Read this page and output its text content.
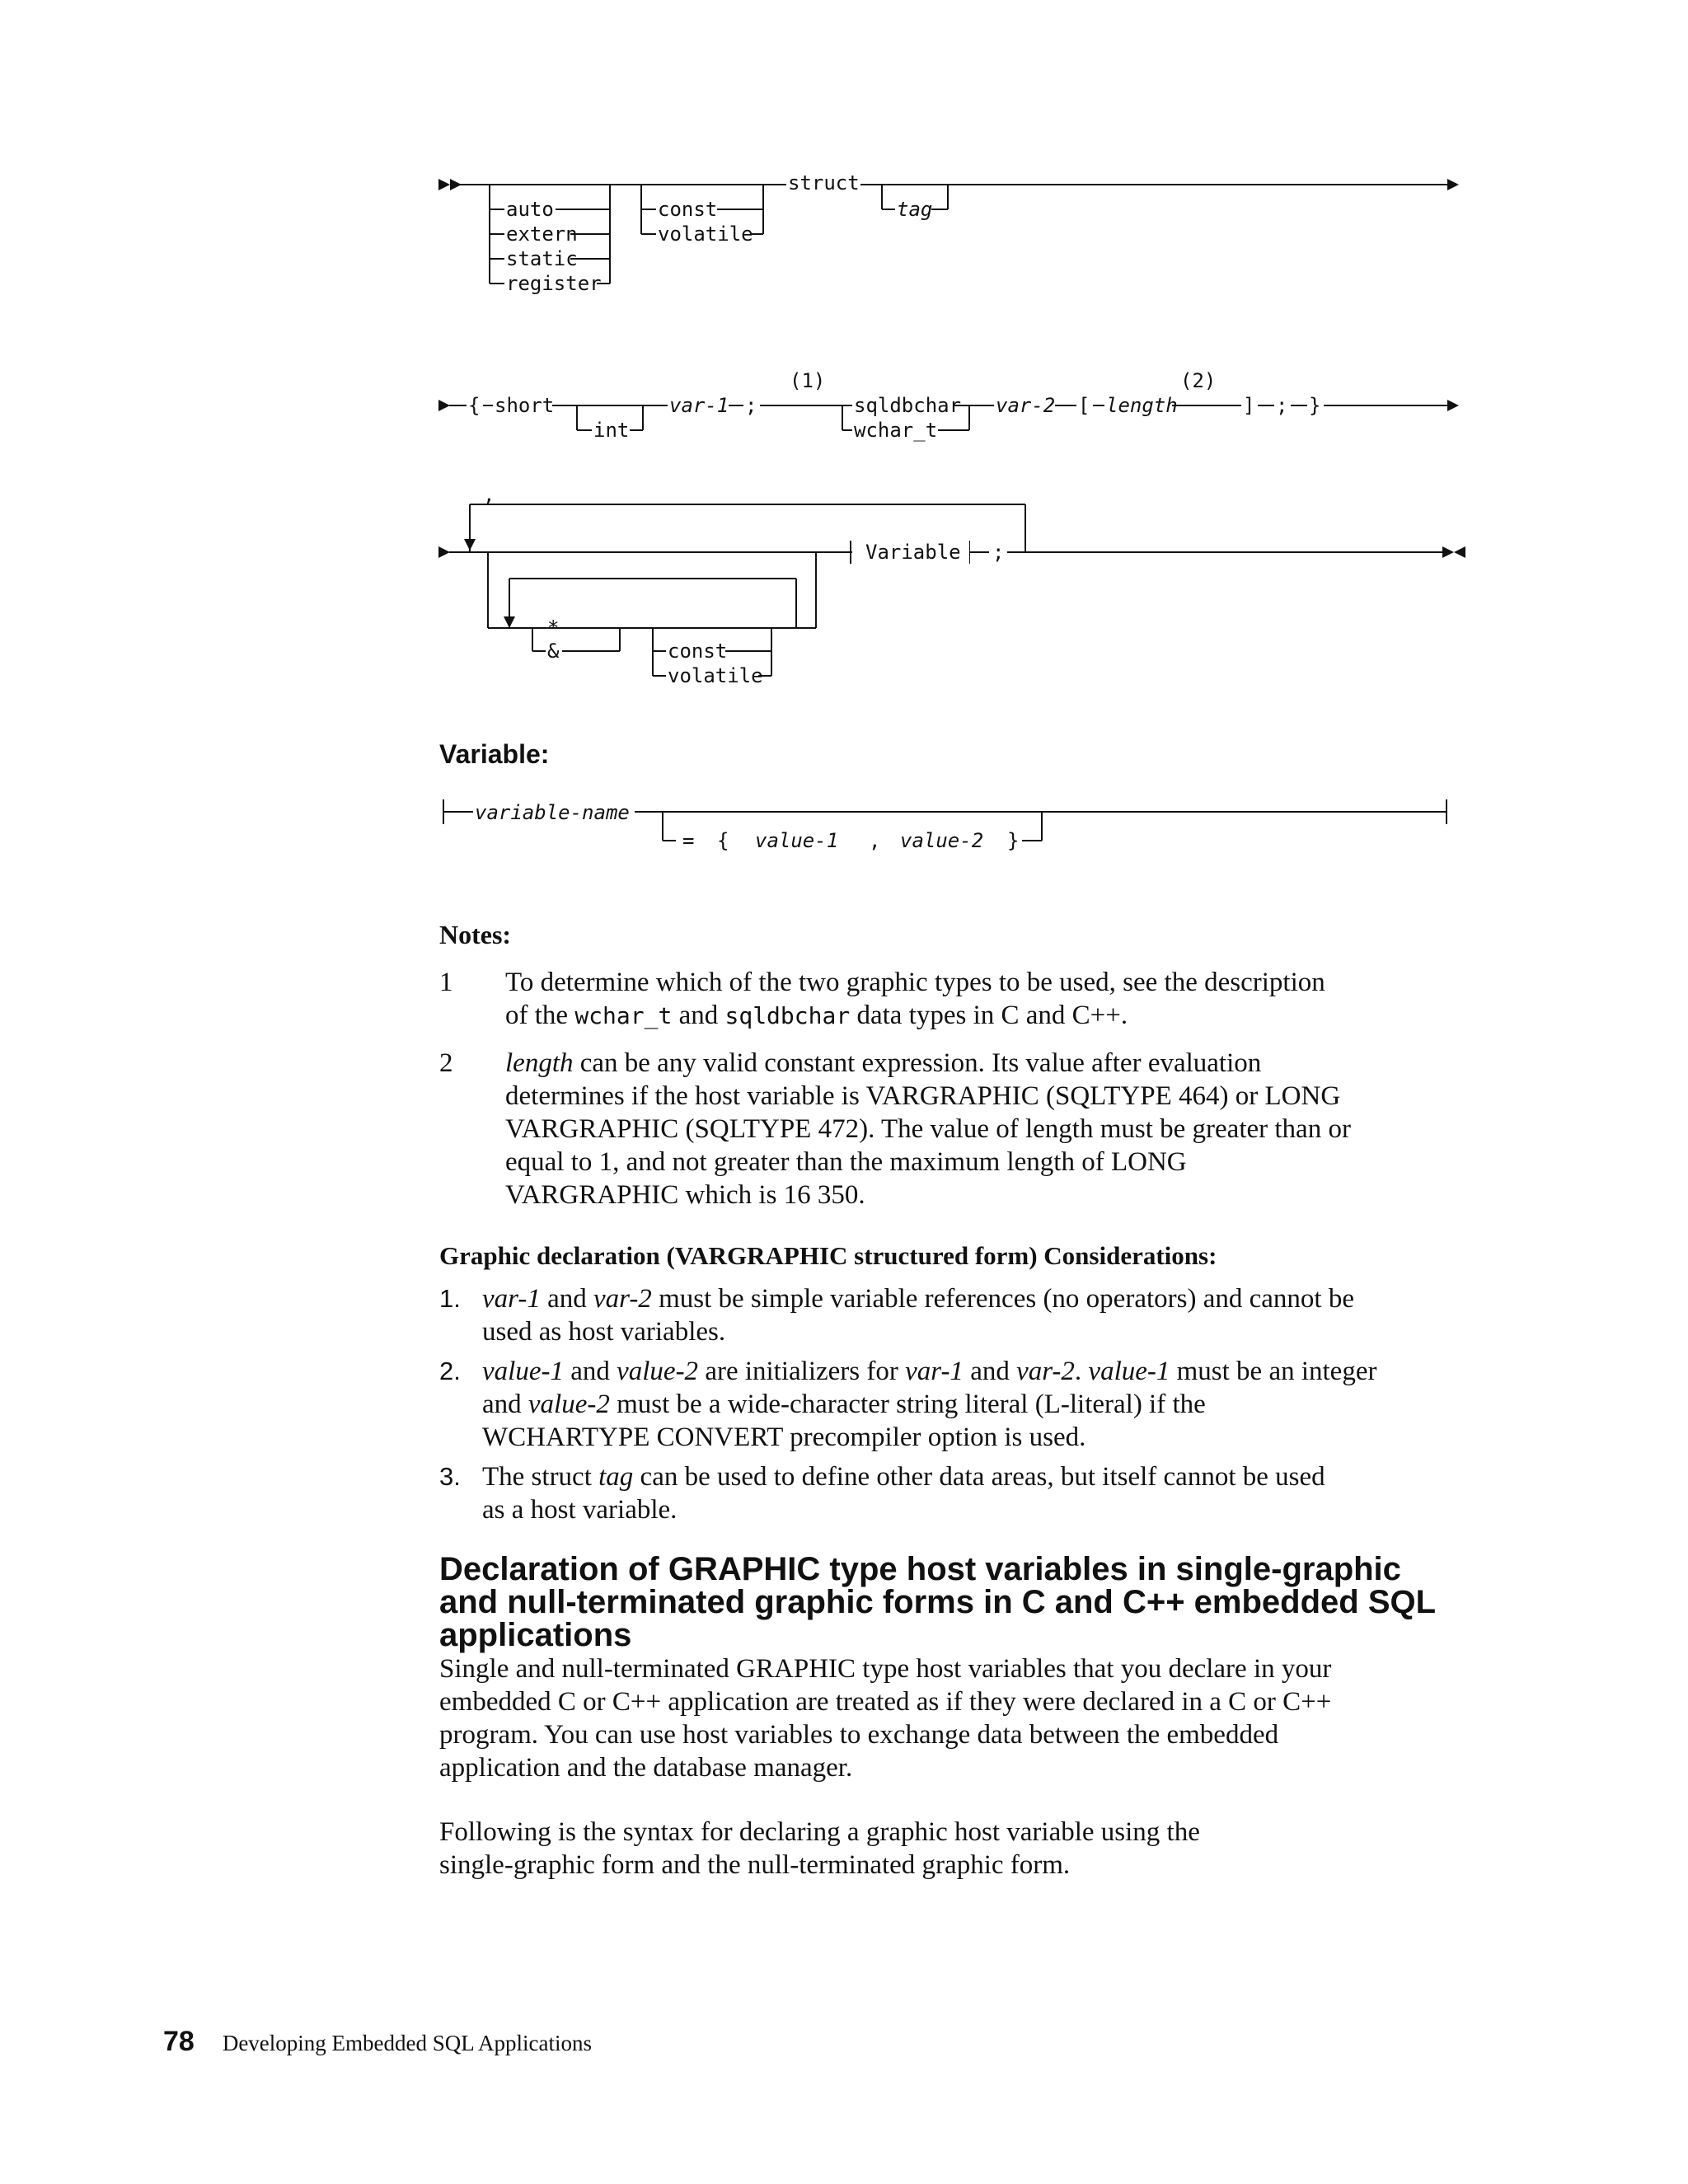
auto
extern
static
register
const
volatile
struct
tag
{ short
int
var-1 ;
(1)
sqldbchar
wchar_t
var-2 [ length
(2)
] ; }
,
Variable ;
*
&	const
volatile
variable-name
= { value-1 , value-2 }
Variable:
Notes:
1	To determine which of the two graphic types to be used, see the description
of the wchar_t and sqldbchar data types in C and C++.
2	length can be any valid constant expression. Its value after evaluation
determines if the host variable is VARGRAPHIC (SQLTYPE 464) or LONG
VARGRAPHIC (SQLTYPE 472). The value of length must be greater than or
equal to 1, and not greater than the maximum length of LONG
VARGRAPHIC which is 16 350.
Graphic declaration (VARGRAPHIC structured form) Considerations:
1. var-1 and var-2 must be simple variable references (no operators) and cannot be
used as host variables.
2. value-1 and value-2 are initializers for var-1 and var-2. value-1 must be an integer
and value-2 must be a wide-character string literal (L-literal) if the
WCHARTYPE CONVERT precompiler option is used.
3. The struct tag can be used to define other data areas, but itself cannot be used
as a host variable.
Declaration of GRAPHIC type host variables in single-graphic
and null-terminated graphic forms in C and C++ embedded SQL
applications
Single and null-terminated GRAPHIC type host variables that you declare in your
embedded C or C++ application are treated as if they were declared in a C or C++
program. You can use host variables to exchange data between the embedded
application and the database manager.
Following is the syntax for declaring a graphic host variable using the
single-graphic form and the null-terminated graphic form.
78 Developing Embedded SQL Applications
